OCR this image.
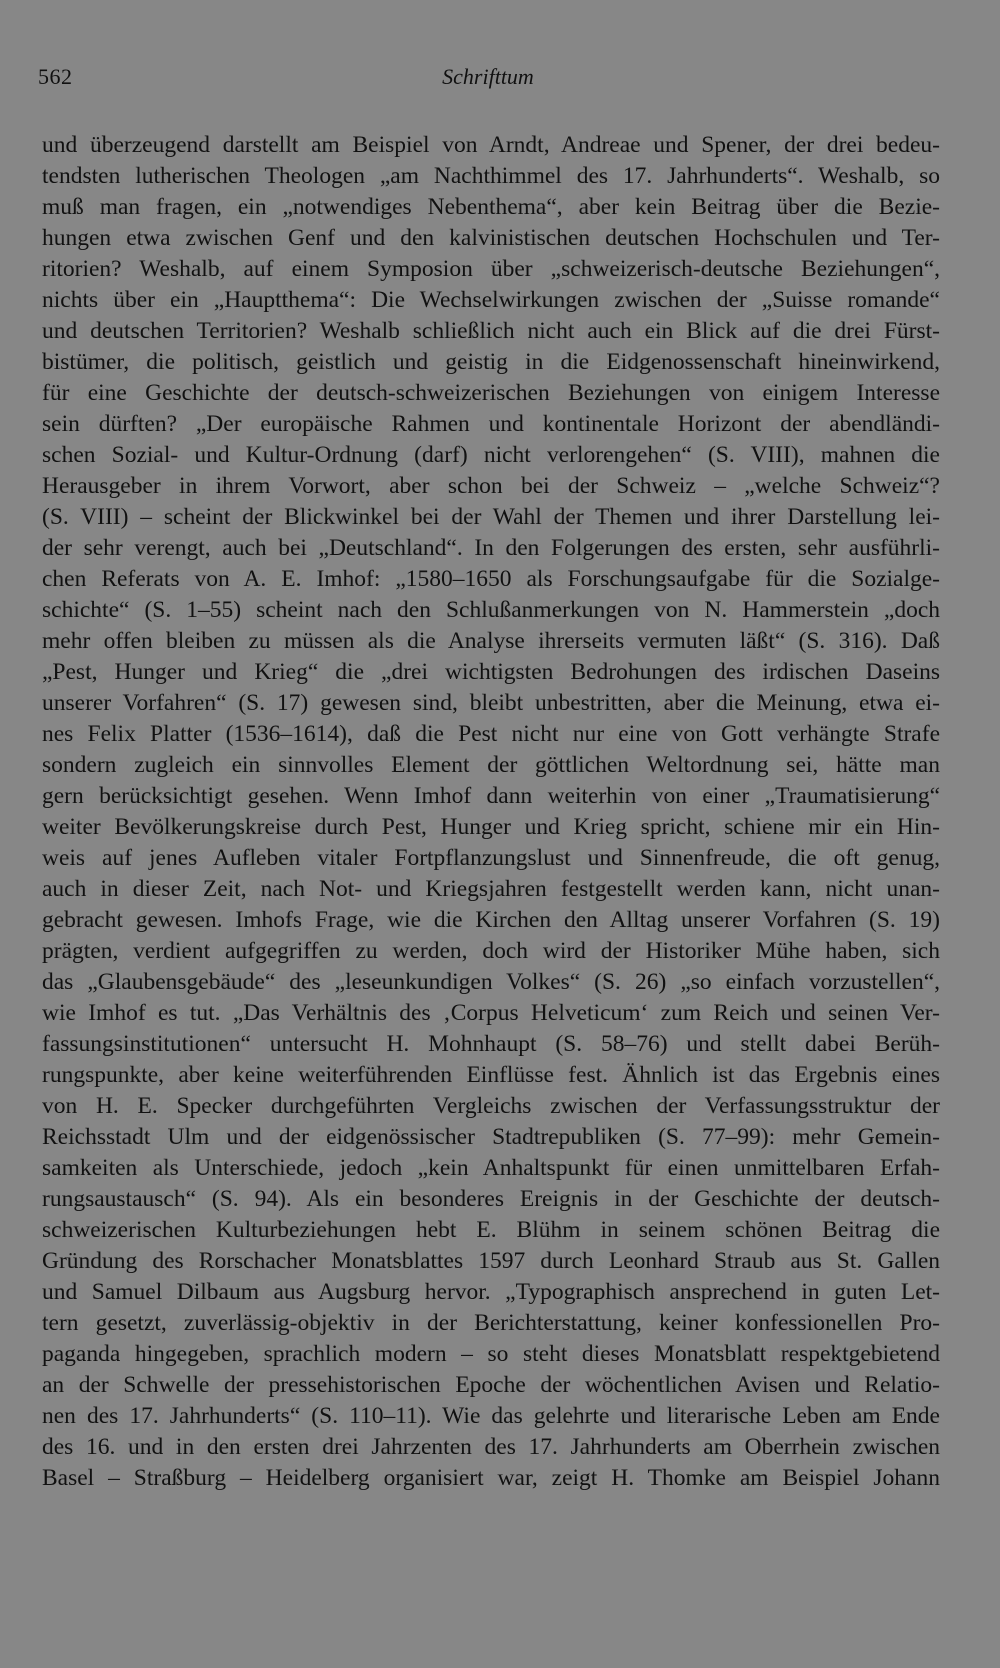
562	Schrifttum
und überzeugend darstellt am Beispiel von Arndt, Andreae und Spener, der drei bedeu-
tendsten lutherischen Theologen „am Nachthimmel des 17. Jahrhunderts“. Weshalb, so
muß man fragen, ein „notwendiges Nebenthema“, aber kein Beitrag über die Bezie-
hungen etwa zwischen Genf und den kalvinistischen deutschen Hochschulen und Ter-
ritorien? Weshalb, auf einem Symposion über „schweizerisch-deutsche Beziehungen“,
nichts über ein „Hauptthema“: Die Wechselwirkungen zwischen der „Suisse romande“
und deutschen Territorien? Weshalb schließlich nicht auch ein Blick auf die drei Fürst-
bistümer, die politisch, geistlich und geistig in die Eidgenossenschaft hineinwirkend,
für eine Geschichte der deutsch-schweizerischen Beziehungen von einigem Interesse
sein dürften? „Der europäische Rahmen und kontinentale Horizont der abendländi-
schen Sozial- und Kultur-Ordnung (darf) nicht verlorengehen“ (S. VIII), mahnen die
Herausgeber in ihrem Vorwort, aber schon bei der Schweiz – „welche Schweiz“?
(S. VIII) – scheint der Blickwinkel bei der Wahl der Themen und ihrer Darstellung lei-
der sehr verengt, auch bei „Deutschland“. In den Folgerungen des ersten, sehr ausführli-
chen Referats von A. E. Imhof: „1580–1650 als Forschungsaufgabe für die Sozialge-
schichte“ (S. 1–55) scheint nach den Schlußanmerkungen von N. Hammerstein „doch
mehr offen bleiben zu müssen als die Analyse ihrerseits vermuten läßt“ (S. 316). Daß
„Pest, Hunger und Krieg“ die „drei wichtigsten Bedrohungen des irdischen Daseins
unserer Vorfahren“ (S. 17) gewesen sind, bleibt unbestritten, aber die Meinung, etwa ei-
nes Felix Platter (1536–1614), daß die Pest nicht nur eine von Gott verhängte Strafe
sondern zugleich ein sinnvolles Element der göttlichen Weltordnung sei, hätte man
gern berücksichtigt gesehen. Wenn Imhof dann weiterhin von einer „Traumatisierung“
weiter Bevölkerungskreise durch Pest, Hunger und Krieg spricht, schiene mir ein Hin-
weis auf jenes Aufleben vitaler Fortpflanzungslust und Sinnenfreude, die oft genug,
auch in dieser Zeit, nach Not- und Kriegsjahren festgestellt werden kann, nicht unan-
gebracht gewesen. Imhofs Frage, wie die Kirchen den Alltag unserer Vorfahren (S. 19)
prägten, verdient aufgegriffen zu werden, doch wird der Historiker Mühe haben, sich
das „Glaubensgebäude“ des „leseunkundigen Volkes“ (S. 26) „so einfach vorzustellen“,
wie Imhof es tut. „Das Verhältnis des ‚Corpus Helveticum‘ zum Reich und seinen Ver-
fassungsinstitutionen“ untersucht H. Mohnhaupt (S. 58–76) und stellt dabei Berüh-
rungspunkte, aber keine weiterführenden Einflüsse fest. Ähnlich ist das Ergebnis eines
von H. E. Specker durchgeführten Vergleichs zwischen der Verfassungsstruktur der
Reichsstadt Ulm und der eidgenössischer Stadtrepubliken (S. 77–99): mehr Gemein-
samkeiten als Unterschiede, jedoch „kein Anhaltspunkt für einen unmittelbaren Erfah-
rungsaustausch“ (S. 94). Als ein besonderes Ereignis in der Geschichte der deutsch-
schweizerischen Kulturbeziehungen hebt E. Blühm in seinem schönen Beitrag die
Gründung des Rorschacher Monatsblattes 1597 durch Leonhard Straub aus St. Gallen
und Samuel Dilbaum aus Augsburg hervor. „Typographisch ansprechend in guten Let-
tern gesetzt, zuverlässig-objektiv in der Berichterstattung, keiner konfessionellen Pro-
paganda hingegeben, sprachlich modern – so steht dieses Monatsblatt respektgebietend
an der Schwelle der pressehistorischen Epoche der wöchentlichen Avisen und Relatio-
nen des 17. Jahrhunderts“ (S. 110–11). Wie das gelehrte und literarische Leben am Ende
des 16. und in den ersten drei Jahrzenten des 17. Jahrhunderts am Oberrhein zwischen
Basel – Straßburg – Heidelberg organisiert war, zeigt H. Thomke am Beispiel Johann
